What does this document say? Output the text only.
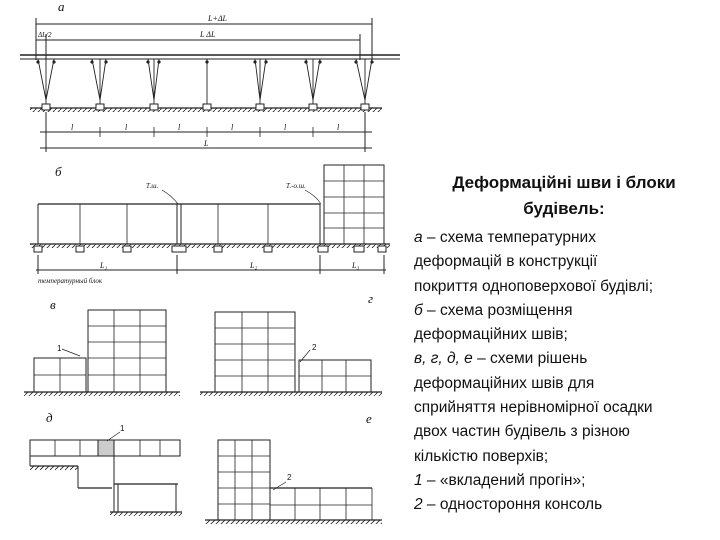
а
L+ΔL
ΔL/2	L ΔL
l	l	l	l	l	l
L
б
Т.ш.	Т.-о.ш.
L₁	L₂	L₃
температурный блок
в
1
г
2
д
1
е
2
Деформаційні шви і блоки
будівель:
а – схема температурних
деформацій в конструкції
покриття одноповерхової будівлі;
б – схема розміщення
деформаційних швів;
в, г, д, е – схеми рішень
деформаційних швів для
сприйняття нерівномірної осадки
двох частин будівель з різною
кількістю поверхів;
1 – «вкладений прогін»;
2 – одностороння консоль
